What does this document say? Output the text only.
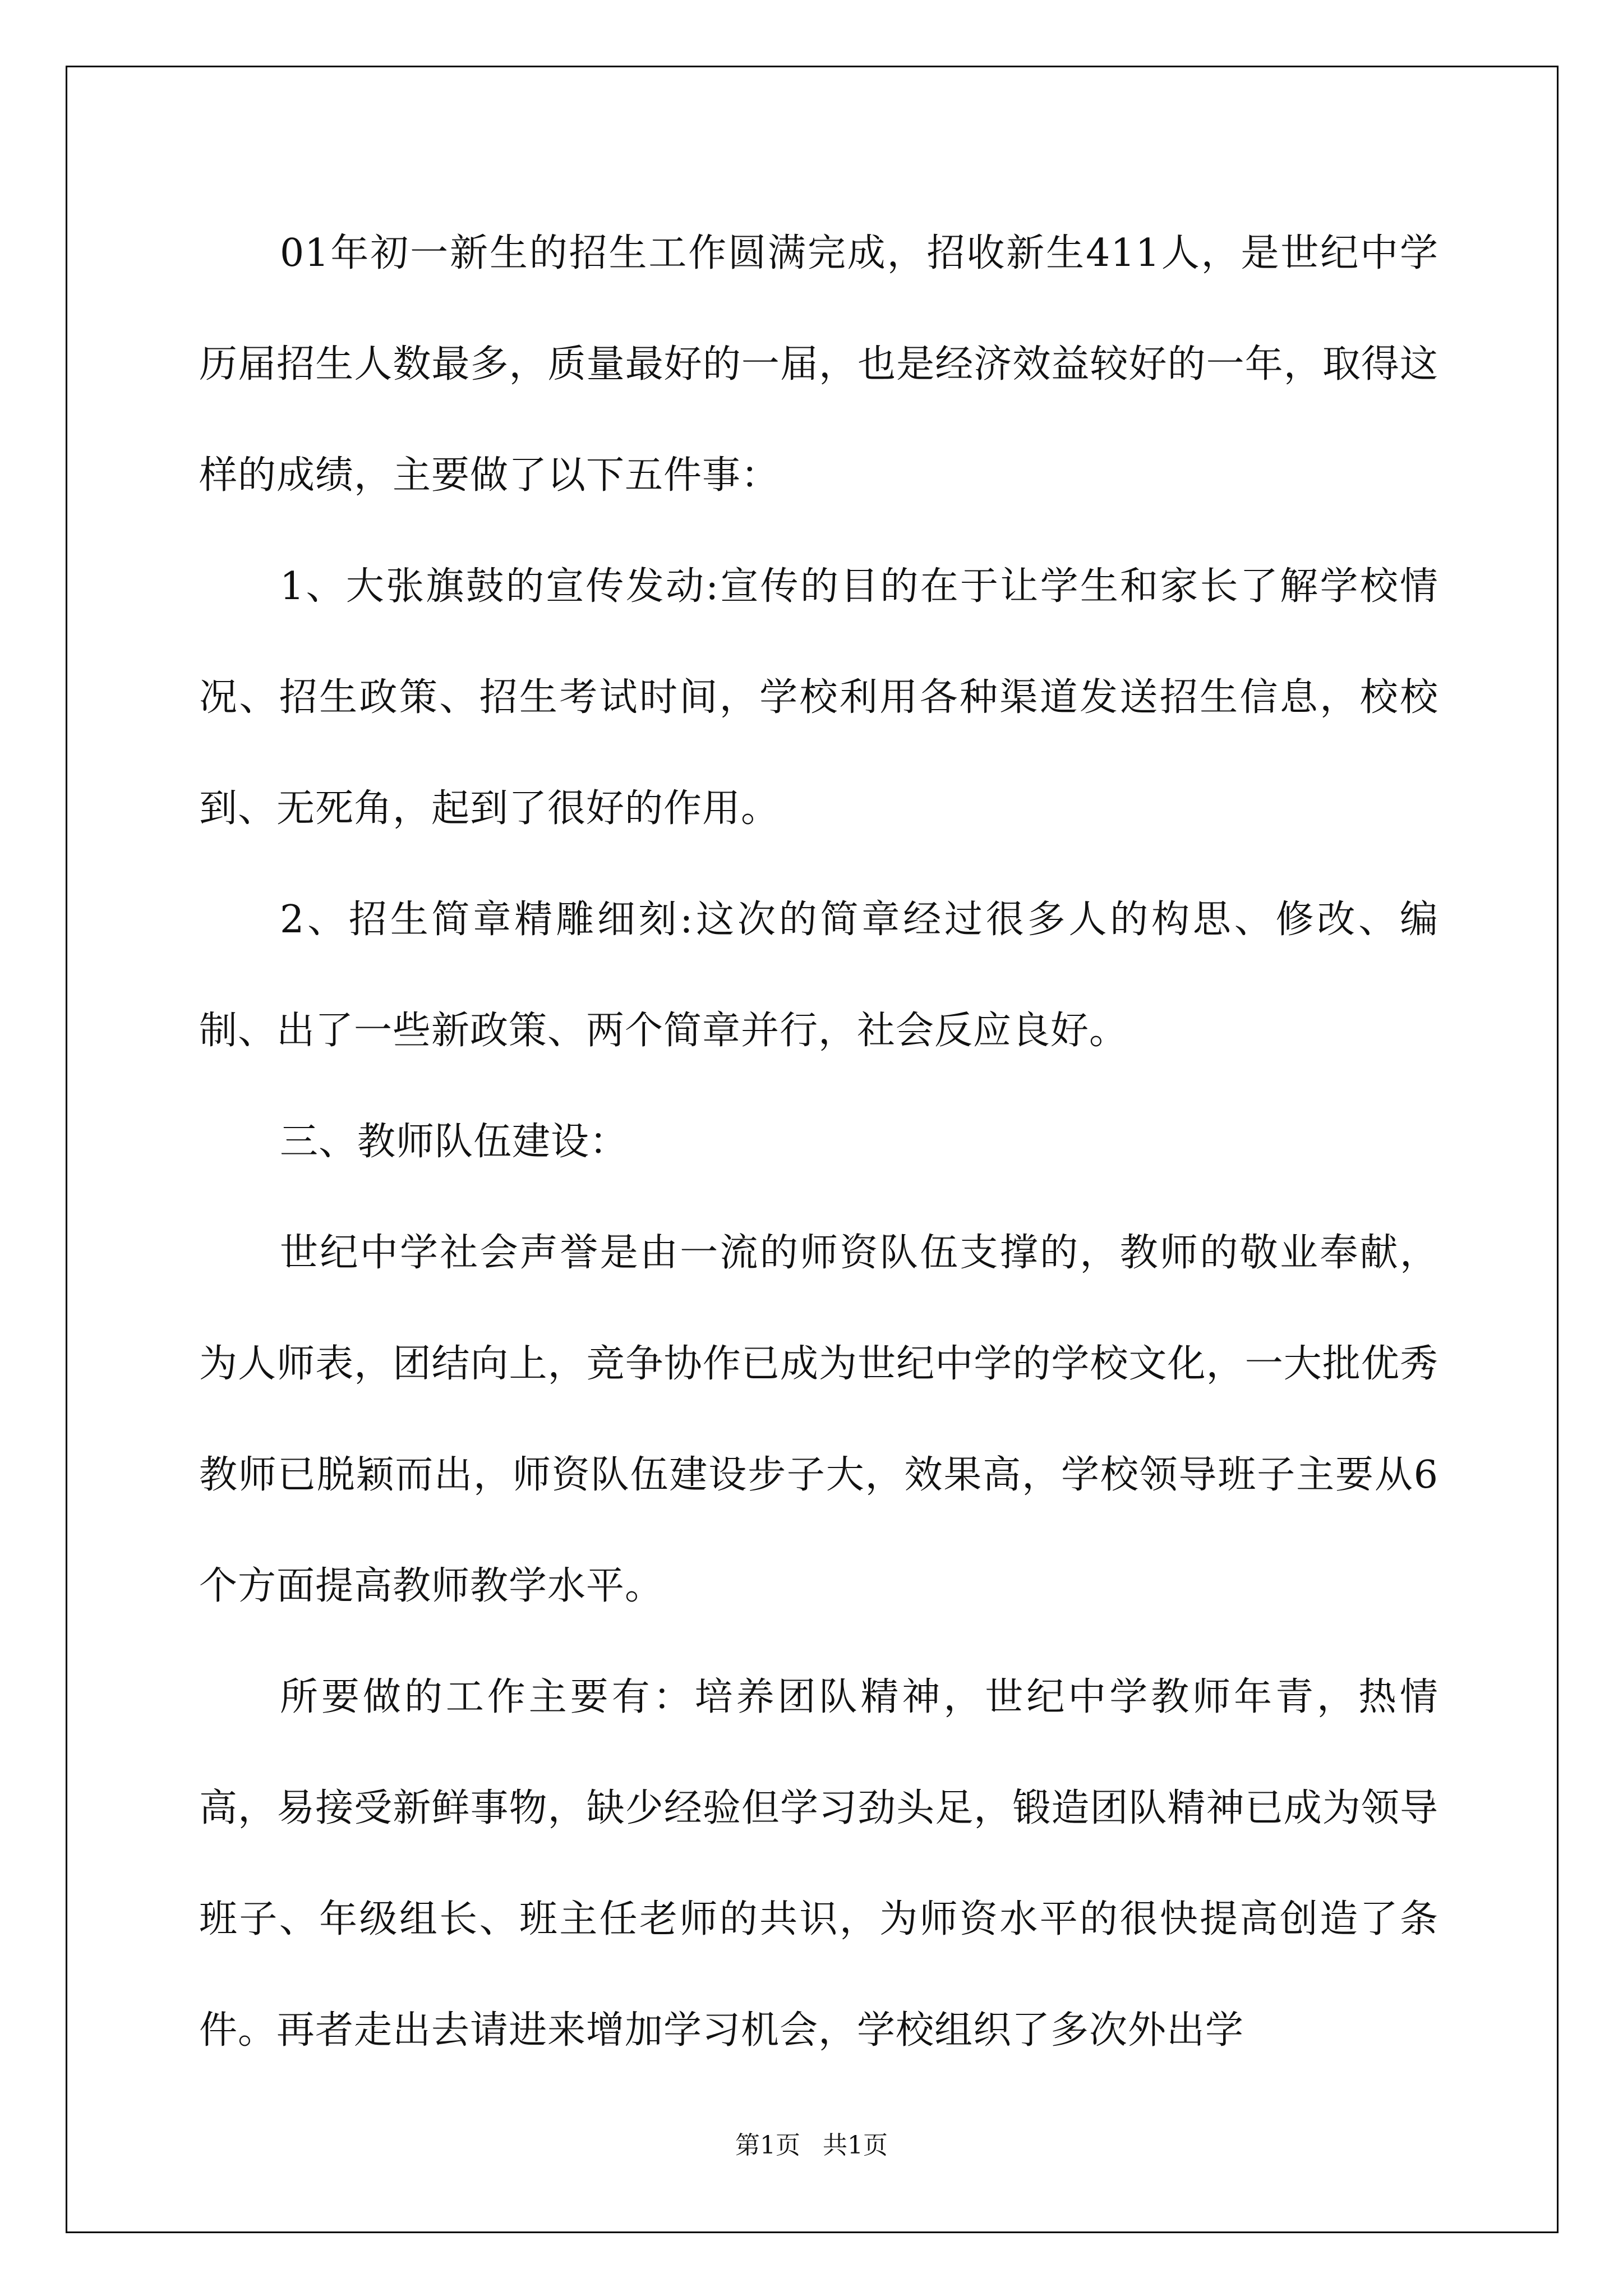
01年初一新生的招生工作圆满完成，招收新生411人，是世纪中学历届招生人数最多，质量最好的一届，也是经济效益较好的一年，取得这样的成绩，主要做了以下五件事：

1、大张旗鼓的宣传发动:宣传的目的在于让学生和家长了解学校情况、招生政策、招生考试时间，学校利用各种渠道发送招生信息，校校到、无死角，起到了很好的作用。

2、招生简章精雕细刻:这次的简章经过很多人的构思、修改、编制、出了一些新政策、两个简章并行，社会反应良好。

三、教师队伍建设：

世纪中学社会声誉是由一流的师资队伍支撑的，教师的敬业奉献，为人师表，团结向上，竞争协作已成为世纪中学的学校文化，一大批优秀教师已脱颖而出，师资队伍建设步子大，效果高，学校领导班子主要从6个方面提高教师教学水平。

所要做的工作主要有：培养团队精神，世纪中学教师年青，热情高，易接受新鲜事物，缺少经验但学习劲头足，锻造团队精神已成为领导班子、年级组长、班主任老师的共识，为师资水平的很快提高创造了条件。再者走出去请进来增加学习机会，学校组织了多次外出学

第1页 共1页
